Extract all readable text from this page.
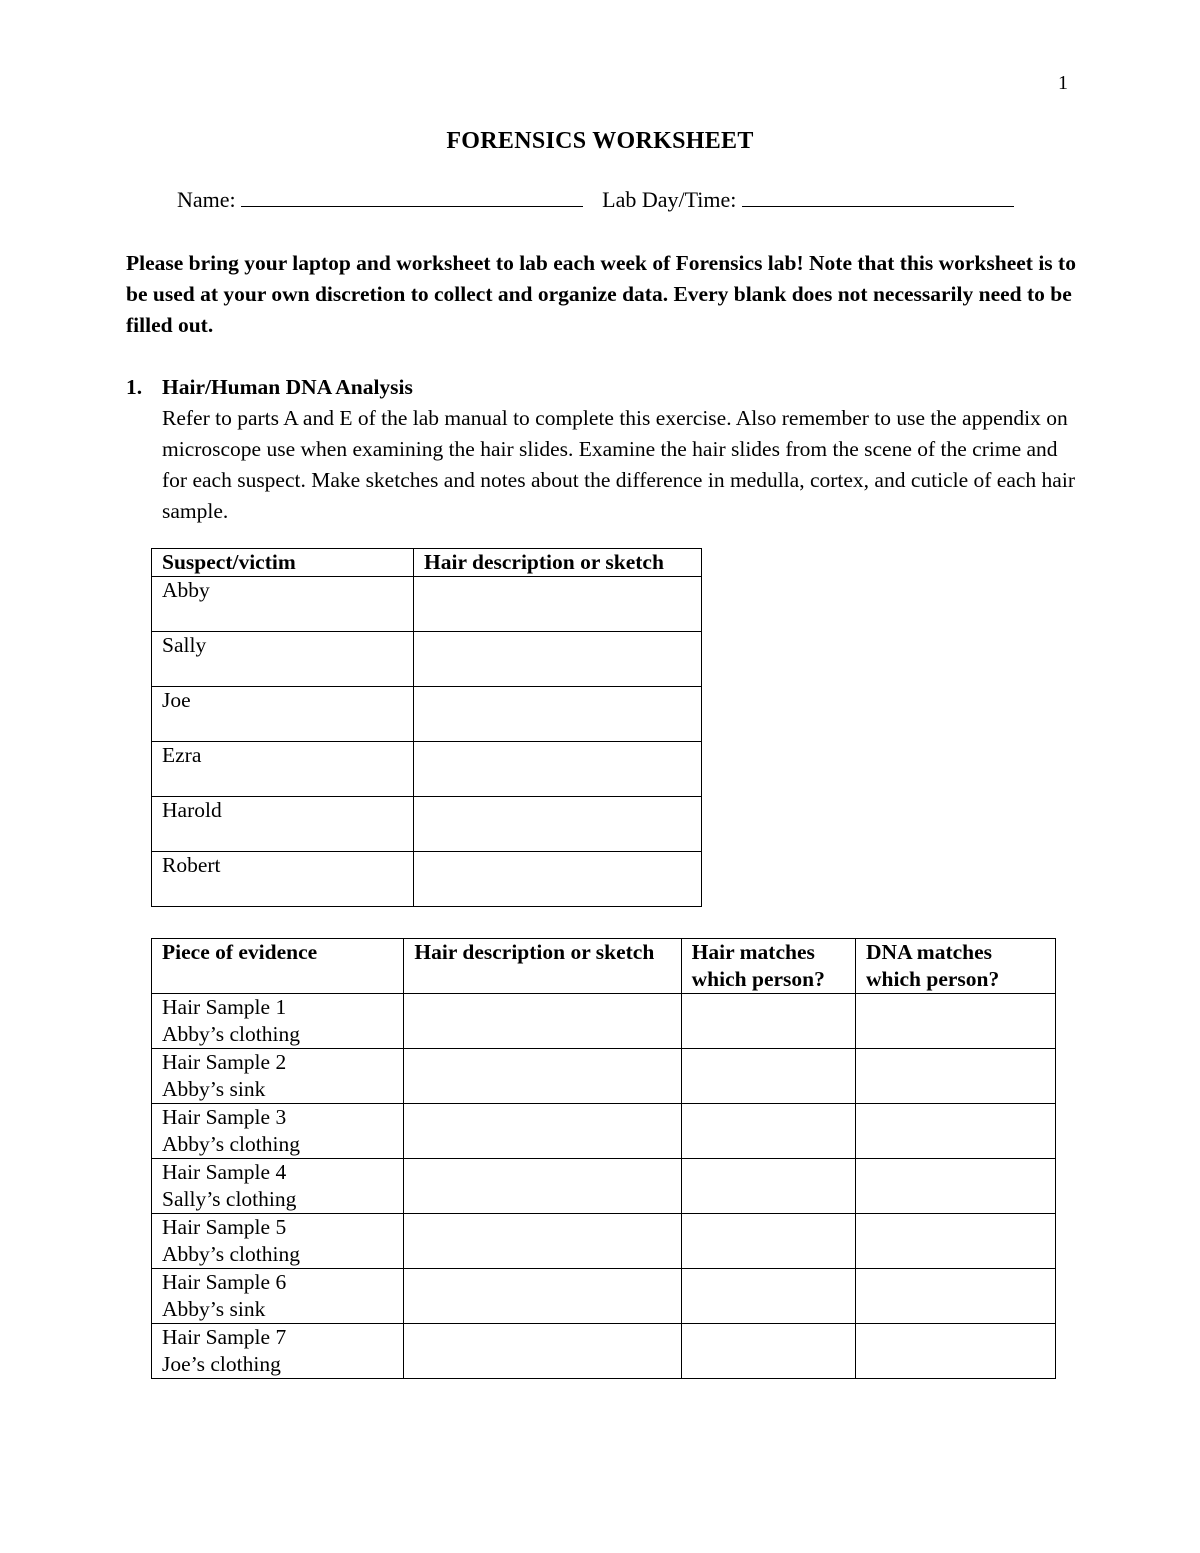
1
FORENSICS WORKSHEET
Name:	Lab Day/Time:
Please bring your laptop and worksheet to lab each week of Forensics lab! Note that this worksheet is to be used at your own discretion to collect and organize data. Every blank does not necessarily need to be filled out.
1. Hair/Human DNA Analysis
Refer to parts A and E of the lab manual to complete this exercise. Also remember to use the appendix on microscope use when examining the hair slides. Examine the hair slides from the scene of the crime and for each suspect. Make sketches and notes about the difference in medulla, cortex, and cuticle of each hair sample.
Suspect/victim	Hair description or sketch
Abby	
Sally	
Joe	
Ezra	
Harold	
Robert	
Piece of evidence	Hair description or sketch	Hair matches which person?	DNA matches which person?

Hair Sample 1
Abby’s clothing			

Hair Sample 2
Abby’s sink			

Hair Sample 3
Abby’s clothing			

Hair Sample 4
Sally’s clothing			

Hair Sample 5
Abby’s clothing			

Hair Sample 6
Abby’s sink			

Hair Sample 7
Joe’s clothing			
